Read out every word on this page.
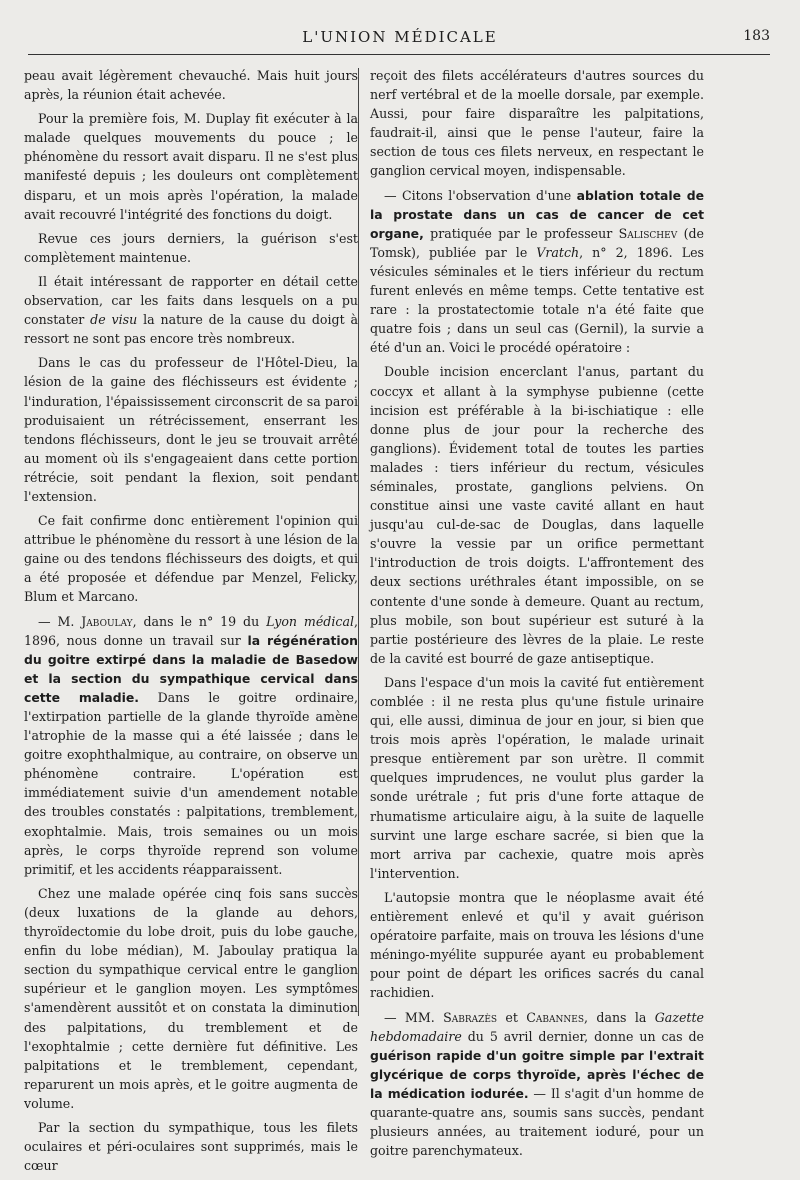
L'UNION MÉDICALE	183

peau avait légèrement chevauché. Mais huit jours après, la réunion était achevée.

Pour la première fois, M. Duplay fit exécuter à la malade quelques mouvements du pouce ; le phénomène du ressort avait disparu. Il ne s'est plus manifesté depuis ; les douleurs ont complètement disparu, et un mois après l'opération, la malade avait recouvré l'intégrité des fonctions du doigt.

Revue ces jours derniers, la guérison s'est complètement maintenue.

Il était intéressant de rapporter en détail cette observation, car les faits dans lesquels on a pu constater de visu la nature de la cause du doigt à ressort ne sont pas encore très nombreux.

Dans le cas du professeur de l'Hôtel-Dieu, la lésion de la gaine des fléchisseurs est évidente ; l'induration, l'épaississement circonscrit de sa paroi produisaient un rétrécissement, enserrant les tendons fléchisseurs, dont le jeu se trouvait arrêté au moment où ils s'engageaient dans cette portion rétrécie, soit pendant la flexion, soit pendant l'extension.

Ce fait confirme donc entièrement l'opinion qui attribue le phénomène du ressort à une lésion de la gaine ou des tendons fléchisseurs des doigts, et qui a été proposée et défendue par Menzel, Felicky, Blum et Marcano.

— M. Jaboulay, dans le n° 19 du Lyon médical, 1896, nous donne un travail sur la régénération du goitre extirpé dans la maladie de Basedow et la section du sympathique cervical dans cette maladie. Dans le goitre ordinaire, l'extirpation partielle de la glande thyroïde amène l'atrophie de la masse qui a été laissée ; dans le goitre exophthalmique, au contraire, on observe un phénomène contraire. L'opération est immédiatement suivie d'un amendement notable des troubles constatés : palpitations, tremblement, exophtalmie. Mais, trois semaines ou un mois après, le corps thyroïde reprend son volume primitif, et les accidents réapparaissent.

Chez une malade opérée cinq fois sans succès (deux luxations de la glande au dehors, thyroïdectomie du lobe droit, puis du lobe gauche, enfin du lobe médian), M. Jaboulay pratiqua la section du sympathique cervical entre le ganglion supérieur et le ganglion moyen. Les symptômes s'amendèrent aussitôt et on constata la diminution des palpitations, du tremblement et de l'exophtalmie ; cette dernière fut définitive. Les palpitations et le tremblement, cependant, reparurent un mois après, et le goitre augmenta de volume.

Par la section du sympathique, tous les filets oculaires et péri-oculaires sont supprimés, mais le cœur

reçoit des filets accélérateurs d'autres sources du nerf vertébral et de la moelle dorsale, par exemple. Aussi, pour faire disparaître les palpitations, faudrait-il, ainsi que le pense l'auteur, faire la section de tous ces filets nerveux, en respectant le ganglion cervical moyen, indispensable.

— Citons l'observation d'une ablation totale de la prostate dans un cas de cancer de cet organe, pratiquée par le professeur Salischev (de Tomsk), publiée par le Vratch, n° 2, 1896. Les vésicules séminales et le tiers inférieur du rectum furent enlevés en même temps. Cette tentative est rare : la prostatectomie totale n'a été faite que quatre fois ; dans un seul cas (Gernil), la survie a été d'un an. Voici le procédé opératoire :

Double incision encerclant l'anus, partant du coccyx et allant à la symphyse pubienne (cette incision est préférable à la bi-ischiatique : elle donne plus de jour pour la recherche des ganglions). Évidement total de toutes les parties malades : tiers inférieur du rectum, vésicules séminales, prostate, ganglions pelviens. On constitue ainsi une vaste cavité allant en haut jusqu'au cul-de-sac de Douglas, dans laquelle s'ouvre la vessie par un orifice permettant l'introduction de trois doigts. L'affrontement des deux sections uréthrales étant impossible, on se contente d'une sonde à demeure. Quant au rectum, plus mobile, son bout supérieur est suturé à la partie postérieure des lèvres de la plaie. Le reste de la cavité est bourré de gaze antiseptique.

Dans l'espace d'un mois la cavité fut entièrement comblée : il ne resta plus qu'une fistule urinaire qui, elle aussi, diminua de jour en jour, si bien que trois mois après l'opération, le malade urinait presque entièrement par son urètre. Il commit quelques imprudences, ne voulut plus garder la sonde urétrale ; fut pris d'une forte attaque de rhumatisme articulaire aigu, à la suite de laquelle survint une large eschare sacrée, si bien que la mort arriva par cachexie, quatre mois après l'intervention.

L'autopsie montra que le néoplasme avait été entièrement enlevé et qu'il y avait guérison opératoire parfaite, mais on trouva les lésions d'une méningo-myélite suppurée ayant eu probablement pour point de départ les orifices sacrés du canal rachidien.

— MM. Sabrazès et Cabannes, dans la Gazette hebdomadaire du 5 avril dernier, donne un cas de guérison rapide d'un goitre simple par l'extrait glycérique de corps thyroïde, après l'échec de la médication iodurée. — Il s'agit d'un homme de quarante-quatre ans, soumis sans succès, pendant plusieurs années, au traitement ioduré, pour un goitre parenchymateux.
